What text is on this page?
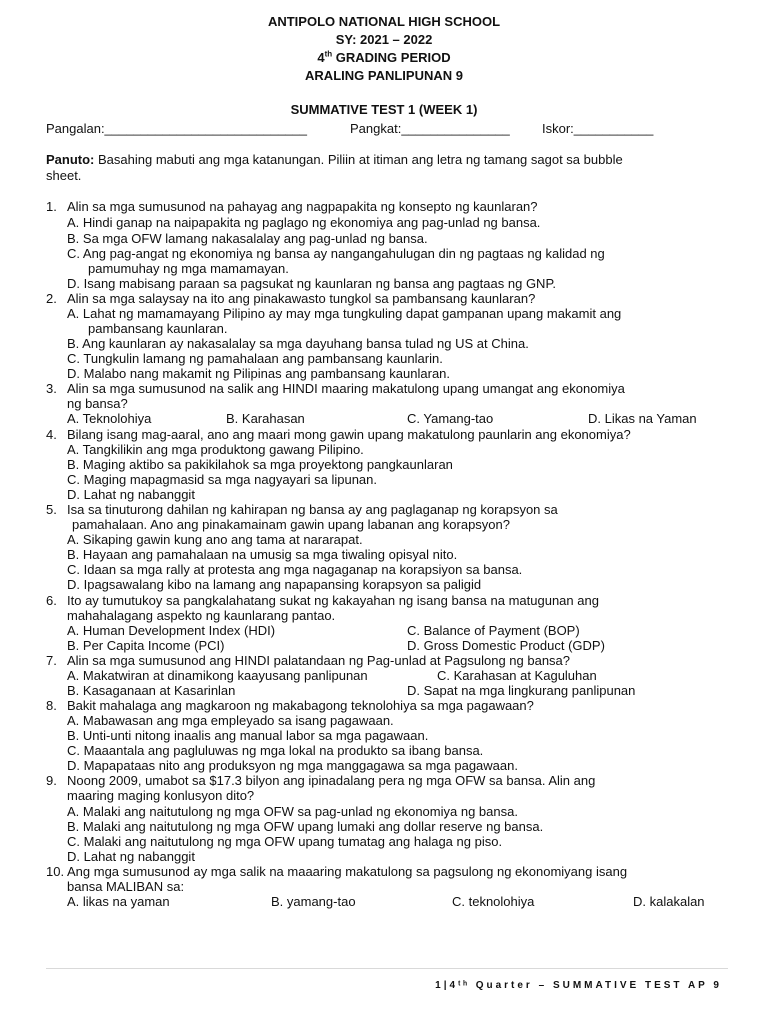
ANTIPOLO NATIONAL HIGH SCHOOL
SY: 2021 – 2022
4th GRADING PERIOD
ARALING PANLIPUNAN 9
SUMMATIVE TEST 1 (WEEK 1)
Pangalan:____________________________	Pangkat:_______________ Iskor:___________
Panuto: Basahing mabuti ang mga katanungan. Piliin at itiman ang letra ng tamang sagot sa bubble
sheet.
1. Alin sa mga sumusunod na pahayag ang nagpapakita ng konsepto ng kaunlaran?
A. Hindi ganap na naipapakita ng paglago ng ekonomiya ang pag-unlad ng bansa.
B. Sa mga OFW lamang nakasalalay ang pag-unlad ng bansa.
C. Ang pag-angat ng ekonomiya ng bansa ay nangangahulugan din ng pagtaas ng kalidad ng
pamumuhay ng mga mamamayan.
D. Isang mabisang paraan sa pagsukat ng kaunlaran ng bansa ang pagtaas ng GNP.
2. Alin sa mga salaysay na ito ang pinakawasto tungkol sa pambansang kaunlaran?
A. Lahat ng mamamayang Pilipino ay may mga tungkuling dapat gampanan upang makamit ang
pambansang kaunlaran.
B. Ang kaunlaran ay nakasalalay sa mga dayuhang bansa tulad ng US at China.
C. Tungkulin lamang ng pamahalaan ang pambansang kaunlarin.
D. Malabo nang makamit ng Pilipinas ang pambansang kaunlaran.
3. Alin sa mga sumusunod na salik ang HINDI maaring makatulong upang umangat ang ekonomiya
ng bansa?
A. Teknolohiya	B. Karahasan	C. Yamang-tao	D. Likas na Yaman
4. Bilang isang mag-aaral, ano ang maari mong gawin upang makatulong paunlarin ang ekonomiya?
A. Tangkilikin ang mga produktong gawang Pilipino.
B. Maging aktibo sa pakikilahok sa mga proyektong pangkaunlaran
C. Maging mapagmasid sa mga nagyayari sa lipunan.
D. Lahat ng nabanggit
5. Isa sa tinuturong dahilan ng kahirapan ng bansa ay ang paglaganap ng korapsyon sa
pamahalaan. Ano ang pinakamainam gawin upang labanan ang korapsyon?
A. Sikaping gawin kung ano ang tama at nararapat.
B. Hayaan ang pamahalaan na umusig sa mga tiwaling opisyal nito.
C. Idaan sa mga rally at protesta ang mga nagaganap na korapsiyon sa bansa.
D. Ipagsawalang kibo na lamang ang napapansing korapsyon sa paligid
6. Ito ay tumutukoy sa pangkalahatang sukat ng kakayahan ng isang bansa na matugunan ang
mahahalagang aspekto ng kaunlarang pantao.
A. Human Development Index (HDI)	C. Balance of Payment (BOP)
B. Per Capita Income (PCI)	D. Gross Domestic Product (GDP)
7. Alin sa mga sumusunod ang HINDI palatandaan ng Pag-unlad at Pagsulong ng bansa?
A. Makatwiran at dinamikong kaayusang panlipunan	C. Karahasan at Kaguluhan
B. Kasaganaan at Kasarinlan	D. Sapat na mga lingkurang panlipunan
8. Bakit mahalaga ang magkaroon ng makabagong teknolohiya sa mga pagawaan?
A. Mabawasan ang mga empleyado sa isang pagawaan.
B. Unti-unti nitong inaalis ang manual labor sa mga pagawaan.
C. Maaantala ang pagluluwas ng mga lokal na produkto sa ibang bansa.
D. Mapapataas nito ang produksyon ng mga manggagawa sa mga pagawaan.
9. Noong 2009, umabot sa $17.3 bilyon ang ipinadalang pera ng mga OFW sa bansa. Alin ang
maaring maging konlusyon dito?
A. Malaki ang naitutulong ng mga OFW sa pag-unlad ng ekonomiya ng bansa.
B. Malaki ang naitutulong ng mga OFW upang lumaki ang dollar reserve ng bansa.
C. Malaki ang naitutulong ng mga OFW upang tumatag ang halaga ng piso.
D. Lahat ng nabanggit
10. Ang mga sumusunod ay mga salik na maaaring makatulong sa pagsulong ng ekonomiyang isang
bansa MALIBAN sa:
A. likas na yaman	B. yamang-tao	C. teknolohiya	D. kalakalan
1|4ᵗʰ Quarter – SUMMATIVE TEST AP 9
